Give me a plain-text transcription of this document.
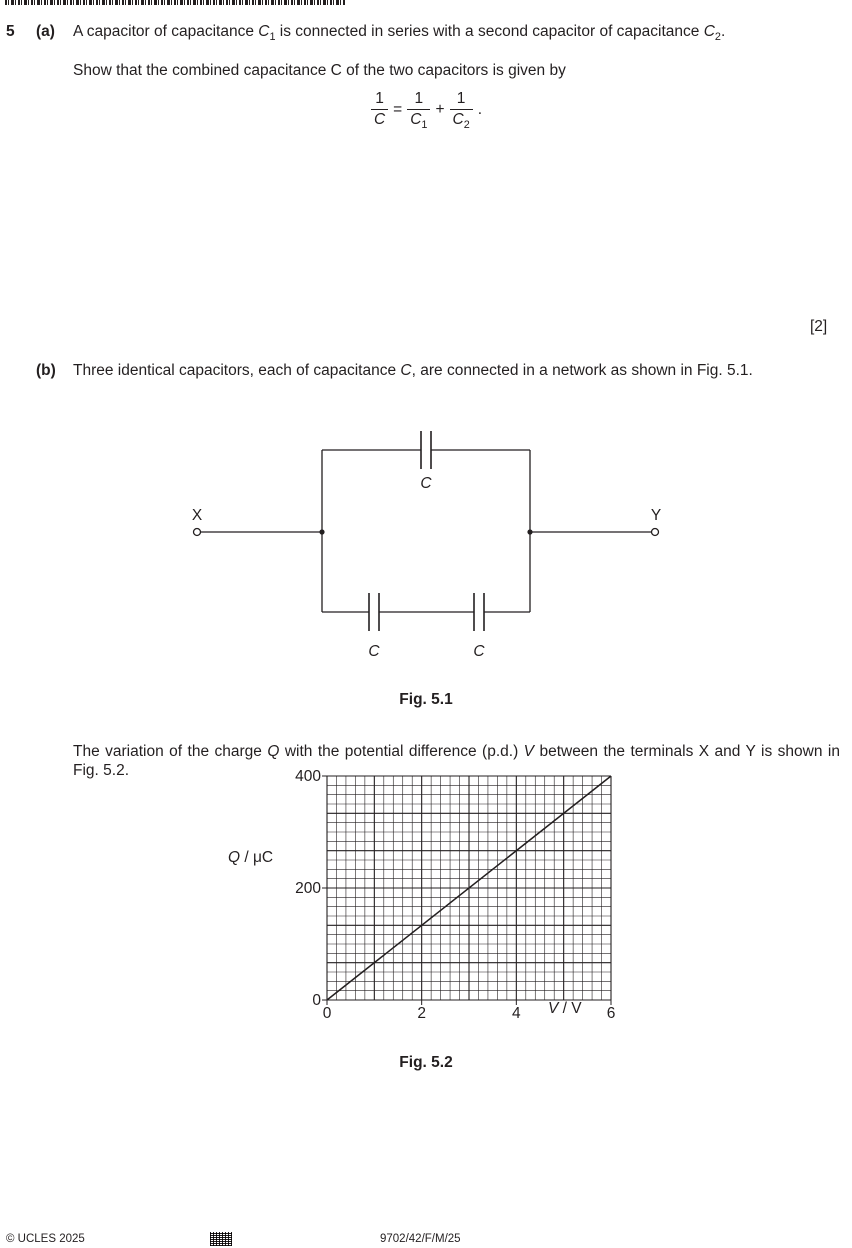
5 (a) A capacitor of capacitance $C_1$ is connected in series with a second capacitor of capacitance $C_2$.
Show that the combined capacitance C of the two capacitors is given by
$\frac{1}{C} = \frac{1}{C_1} + \frac{1}{C_2}$ .
[2]
(b) Three identical capacitors, each of capacitance C, are connected in a network as shown in Fig. 5.1.
X	Y
C
C	C
Fig. 5.1
The variation of the charge Q with the potential difference (p.d.) V between the terminals X and Y is shown in Fig. 5.2.
0
200
400
0	2	4	6
Q / μC
V / V
Fig. 5.2
© UCLES 2025	9702/42/F/M/25
